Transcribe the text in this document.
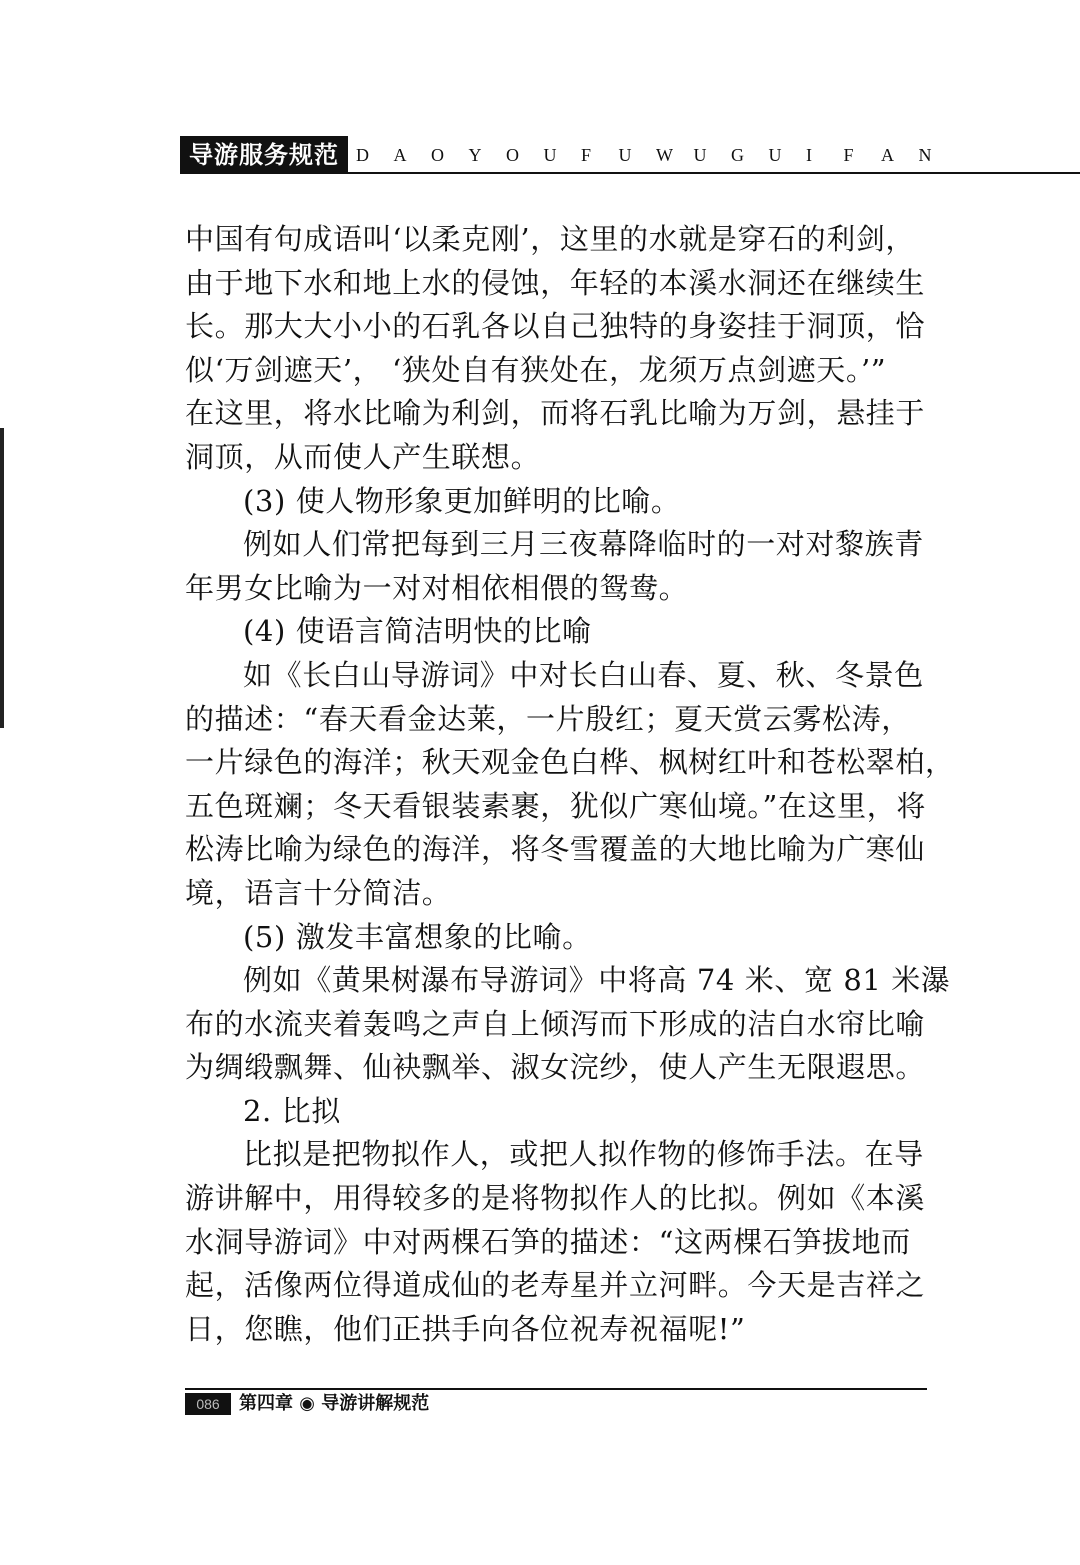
导游服务规范 D	A	O	Y	O	U	F	U	W	U	G	U	I	F	A	N
中国有句成语叫‘以柔克刚’，这里的水就是穿石的利剑，
由于地下水和地上水的侵蚀，年轻的本溪水洞还在继续生
长。那大大小小的石乳各以自己独特的身姿挂于洞顶，恰
似‘万剑遮天’， ‘狭处自有狭处在，龙须万点剑遮天。’”
在这里，将水比喻为利剑，而将石乳比喻为万剑，悬挂于
洞顶，从而使人产生联想。
(3) 使人物形象更加鲜明的比喻。
例如人们常把每到三月三夜幕降临时的一对对黎族青
年男女比喻为一对对相依相偎的鸳鸯。
(4) 使语言简洁明快的比喻
如《长白山导游词》中对长白山春、夏、秋、冬景色
的描述：“春天看金达莱，一片殷红；夏天赏云雾松涛，
一片绿色的海洋；秋天观金色白桦、枫树红叶和苍松翠柏，
五色斑斓；冬天看银装素裹，犹似广寒仙境。”在这里，将
松涛比喻为绿色的海洋，将冬雪覆盖的大地比喻为广寒仙
境，语言十分简洁。
(5) 激发丰富想象的比喻。
例如《黄果树瀑布导游词》中将高 74 米、宽 81 米瀑
布的水流夹着轰鸣之声自上倾泻而下形成的洁白水帘比喻
为绸缎飘舞、仙袂飘举、淑女浣纱，使人产生无限遐思。
2. 比拟
比拟是把物拟作人，或把人拟作物的修饰手法。在导
游讲解中，用得较多的是将物拟作人的比拟。例如《本溪
水洞导游词》中对两棵石笋的描述：“这两棵石笋拔地而
起，活像两位得道成仙的老寿星并立河畔。今天是吉祥之
日，您瞧，他们正拱手向各位祝寿祝福呢!”
086	第四章 ◉ 导游讲解规范
